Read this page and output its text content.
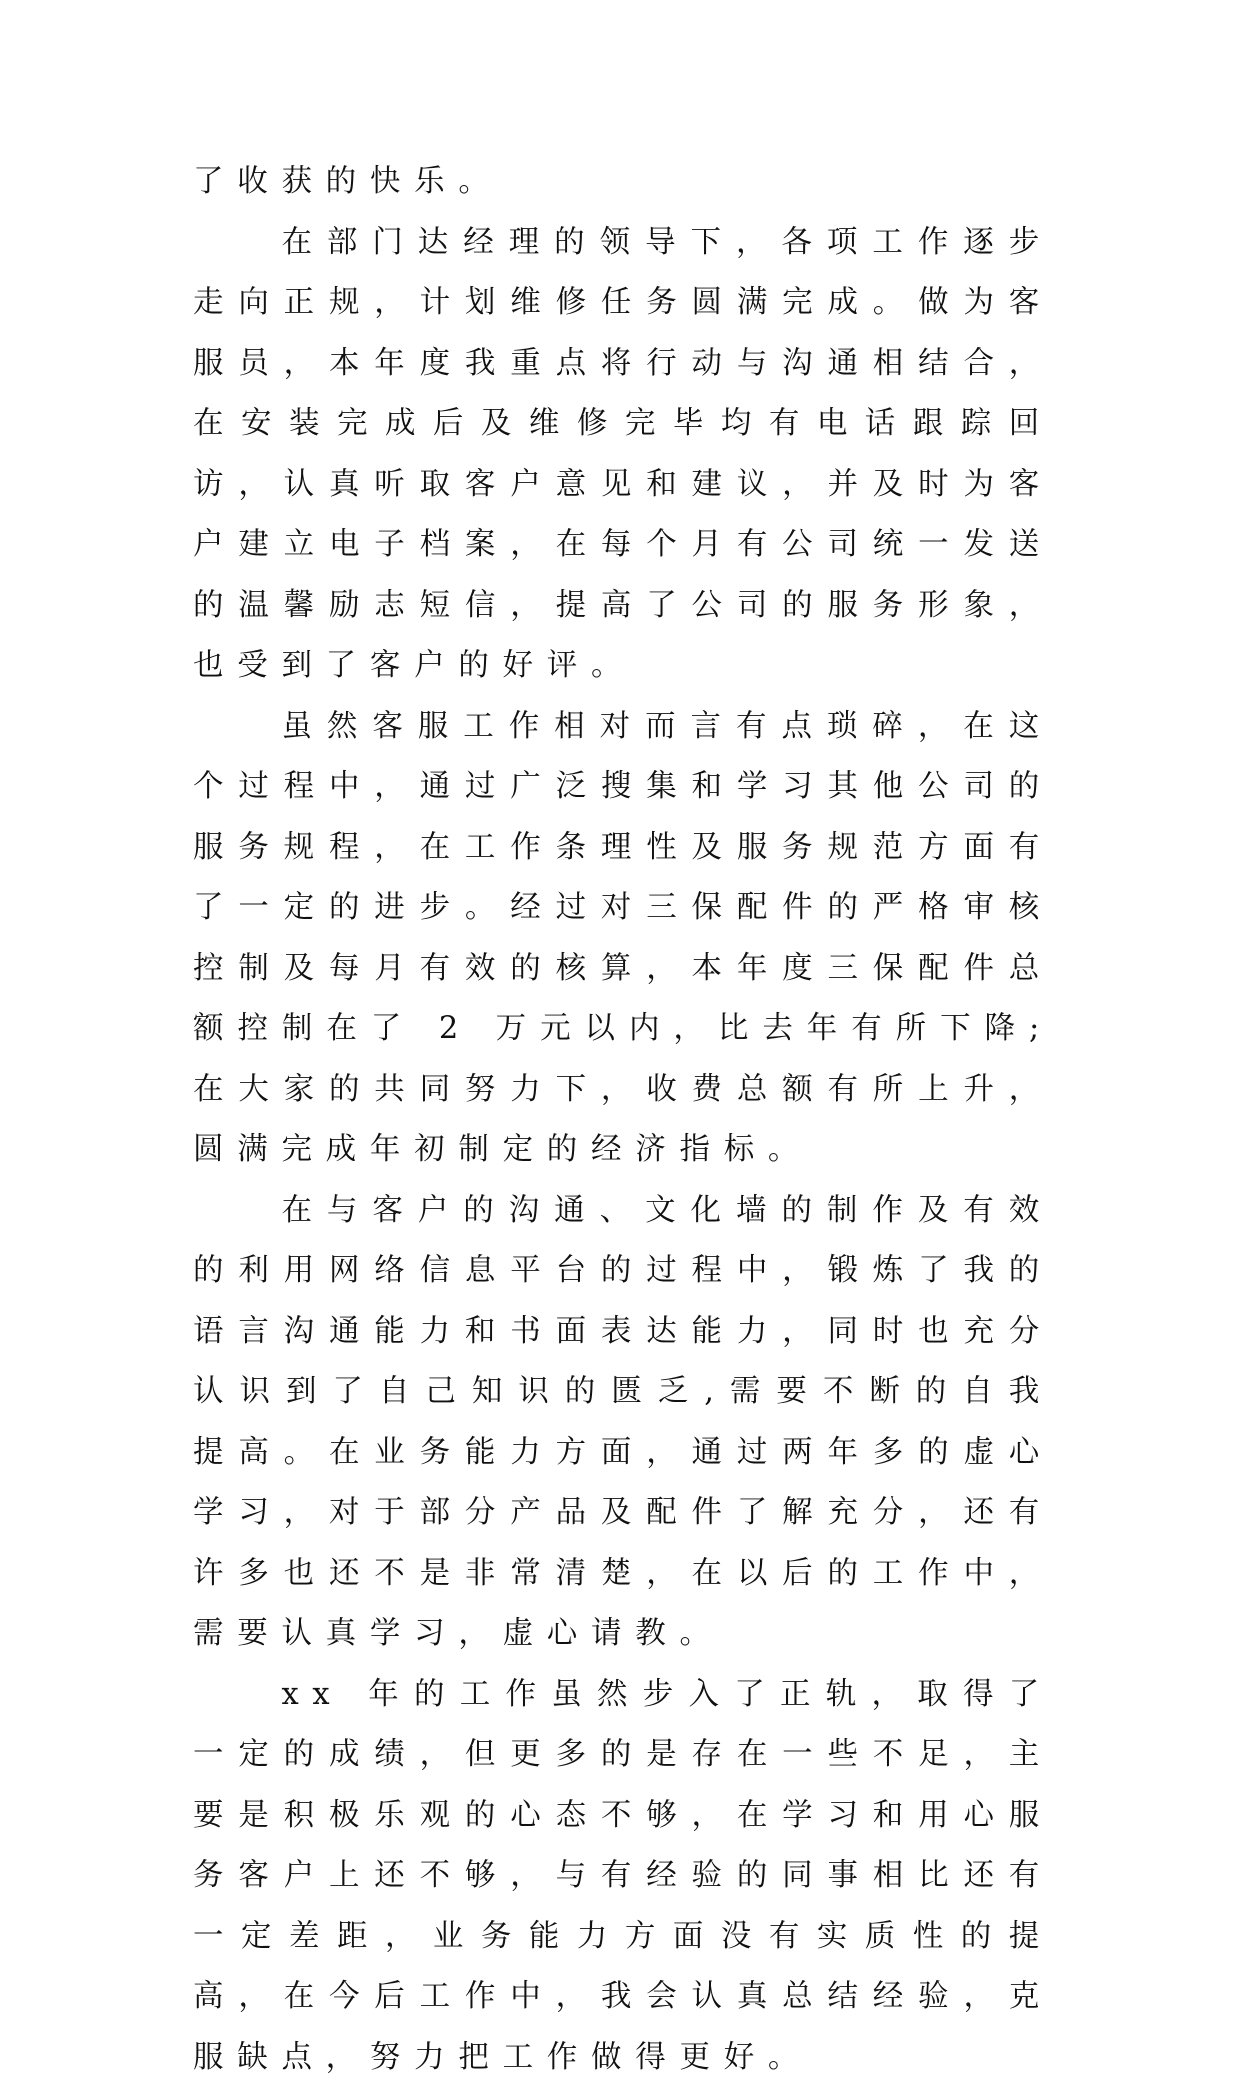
了收获的快乐。

在部门达经理的领导下，各项工作逐步走向正规，计划维修任务圆满完成。做为客服员，本年度我重点将行动与沟通相结合，在安装完成后及维修完毕均有电话跟踪回访，认真听取客户意见和建议，并及时为客户建立电子档案，在每个月有公司统一发送的温馨励志短信，提高了公司的服务形象，也受到了客户的好评。

虽然客服工作相对而言有点琐碎，在这个过程中，通过广泛搜集和学习其他公司的服务规程，在工作条理性及服务规范方面有了一定的进步。经过对三保配件的严格审核控制及每月有效的核算，本年度三保配件总额控制在了 2 万元以内，比去年有所下降;在大家的共同努力下，收费总额有所上升，圆满完成年初制定的经济指标。

在与客户的沟通、文化墙的制作及有效的利用网络信息平台的过程中，锻炼了我的语言沟通能力和书面表达能力，同时也充分认识到了自己知识的匮乏,需要不断的自我提高。在业务能力方面，通过两年多的虚心学习，对于部分产品及配件了解充分，还有许多也还不是非常清楚，在以后的工作中，需要认真学习，虚心请教。

xx 年的工作虽然步入了正轨，取得了一定的成绩，但更多的是存在一些不足，主要是积极乐观的心态不够，在学习和用心服务客户上还不够，与有经验的同事相比还有一定差距，业务能力方面没有实质性的提高，在今后工作中，我会认真总结经验，克服缺点，努力把工作做得更好。
